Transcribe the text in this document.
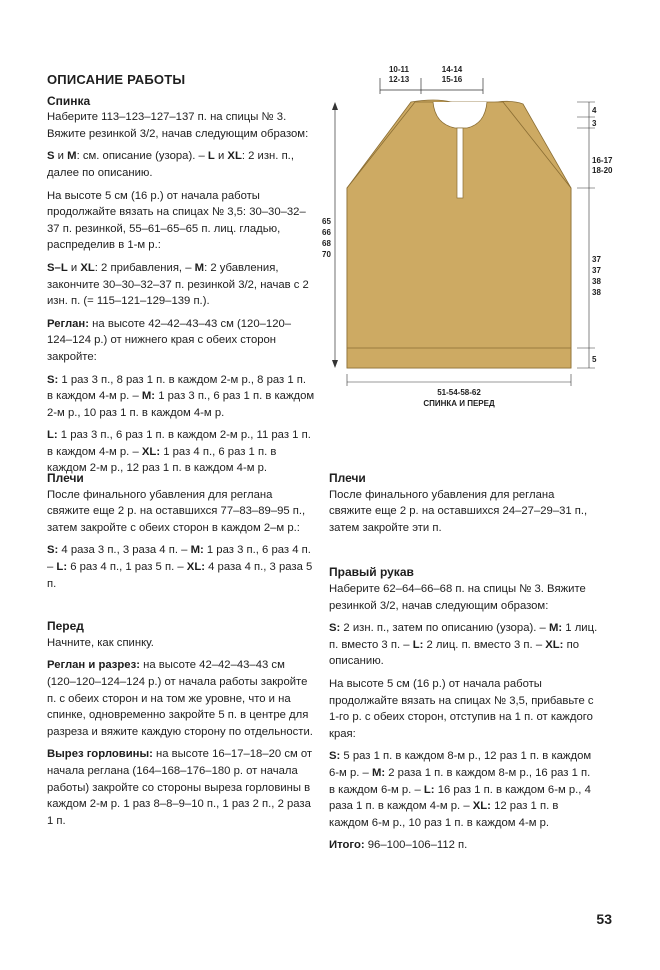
ОПИСАНИЕ РАБОТЫ
Спинка

Наберите 113–123–127–137 п. на спицы № 3. Вяжите резинкой 3/2, начав следующим образом:

S и M: см. описание (узора). – L и XL: 2 изн. п., далее по описанию.

На высоте 5 см (16 р.) от начала работы продолжайте вязать на спицах № 3,5: 30–30–32–37 п. резинкой, 55–61–65–65 п. лиц. гладью, распределив в 1-м р.:

S–L и XL: 2 прибавления, – M: 2 убавления, закончите 30–30–32–37 п. резинкой 3/2, начав с 2 изн. п. (= 115–121–129–139 п.).

Реглан: на высоте 42–42–43–43 см (120–120–124–124 р.) от нижнего края с обеих сторон закройте:

S: 1 раз 3 п., 8 раз 1 п. в каждом 2-м р., 8 раз 1 п. в каждом 4-м р. – M: 1 раз 3 п., 6 раз 1 п. в каждом 2-м р., 10 раз 1 п. в каждом 4-м р.

L: 1 раз 3 п., 6 раз 1 п. в каждом 2-м р., 11 раз 1 п. в каждом 4-м р. – XL: 1 раз 4 п., 6 раз 1 п. в каждом 2-м р., 12 раз 1 п. в каждом 4-м р.

Плечи

После финального убавления для реглана свяжите еще 2 р. на оставшихся 77–83–89–95 п., затем закройте с обеих сторон в каждом 2–м р.:

S: 4 раза 3 п., 3 раза 4 п. – M: 1 раз 3 п., 6 раз 4 п. – L: 6 раз 4 п., 1 раз 5 п. – XL: 4 раза 4 п., 3 раза 5 п.

Перед

Начните, как спинку.

Реглан и разрез: на высоте 42–42–43–43 см (120–120–124–124 р.) от начала работы закройте п. с обеих сторон и на том же уровне, что и на спинке, одновременно закройте 5 п. в центре для разреза и вяжите каждую сторону по отдельности.

Вырез горловины: на высоте 16–17–18–20 см от начала реглана (164–168–176–180 р. от начала работы) закройте со стороны выреза горловины в каждом 2-м р. 1 раз 8–8–9–10 п., 1 раз 2 п., 2 раза 1 п.

10-11
12-13
14-14
15-16
4
3
16-17
18-20
37
37
38
38
5
65
66
68
70
51-54-58-62
СПИНКА И ПЕРЕД
Плечи

После финального убавления для реглана свяжите еще 2 р. на оставшихся 24–27–29–31 п., затем закройте эти п.

Правый рукав

Наберите 62–64–66–68 п. на спицы № 3. Вяжите резинкой 3/2, начав следующим образом:

S: 2 изн. п., затем по описанию (узора). – M: 1 лиц. п. вместо 3 п. – L: 2 лиц. п. вместо 3 п. – XL: по описанию.

На высоте 5 см (16 р.) от начала работы продолжайте вязать на спицах № 3,5, прибавьте с 1-го р. с обеих сторон, отступив на 1 п. от каждого края:

S: 5 раз 1 п. в каждом 8-м р., 12 раз 1 п. в каждом 6-м р. – M: 2 раза 1 п. в каждом 8-м р., 16 раз 1 п. в каждом 6-м р. – L: 16 раз 1 п. в каждом 6-м р., 4 раза 1 п. в каждом 4-м р. – XL: 12 раз 1 п. в каждом 6-м р., 10 раз 1 п. в каждом 4-м р.

Итого: 96–100–106–112 п.

53
